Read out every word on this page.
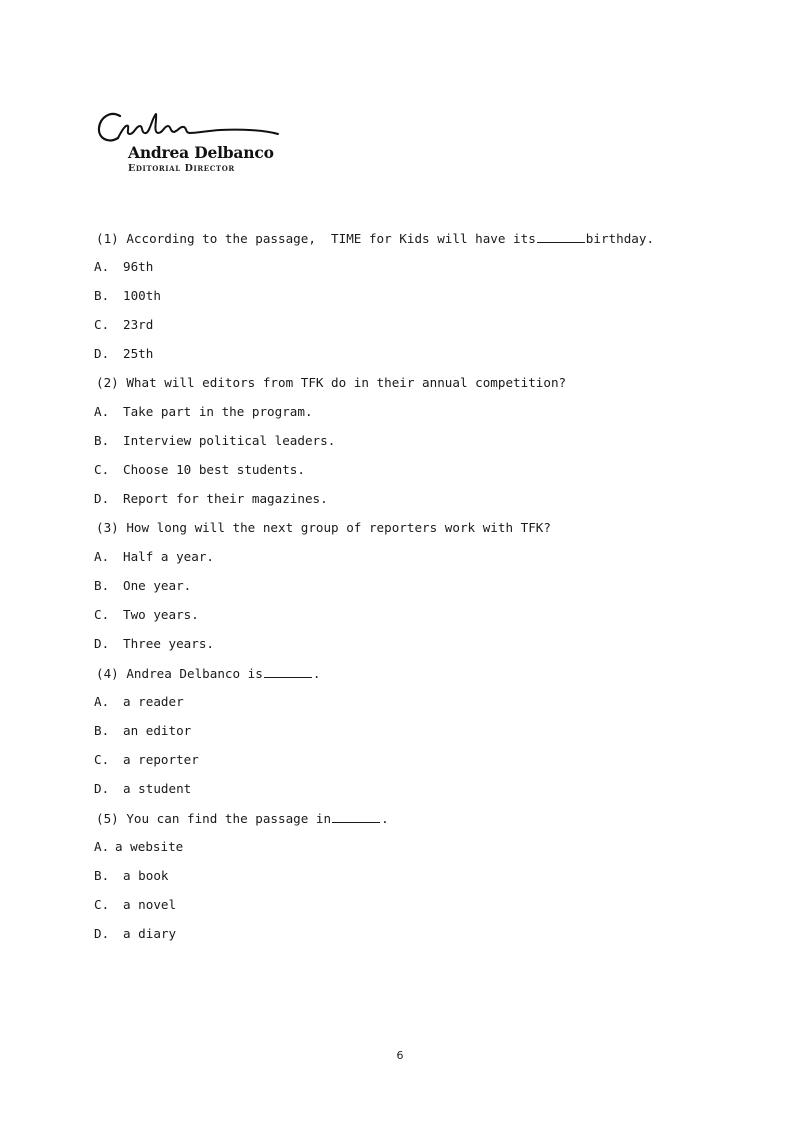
Andrea Delbanco
Editorial Director
(1) According to the passage,  TIME for Kids will have its	birthday.
A. 96th
B. 100th
C. 23rd
D. 25th
(2) What will editors from TFK do in their annual competition?
A. Take part in the program.
B. Interview political leaders.
C. Choose 10 best students.
D. Report for their magazines.
(3) How long will the next group of reporters work with TFK?
A. Half a year.
B. One year.
C. Two years.
D. Three years.
(4) Andrea Delbanco is	.
A. a reader
B. an editor
C. a reporter
D. a student
(5) You can find the passage in	.
A. a website
B. a book
C. a novel
D. a diary
6
